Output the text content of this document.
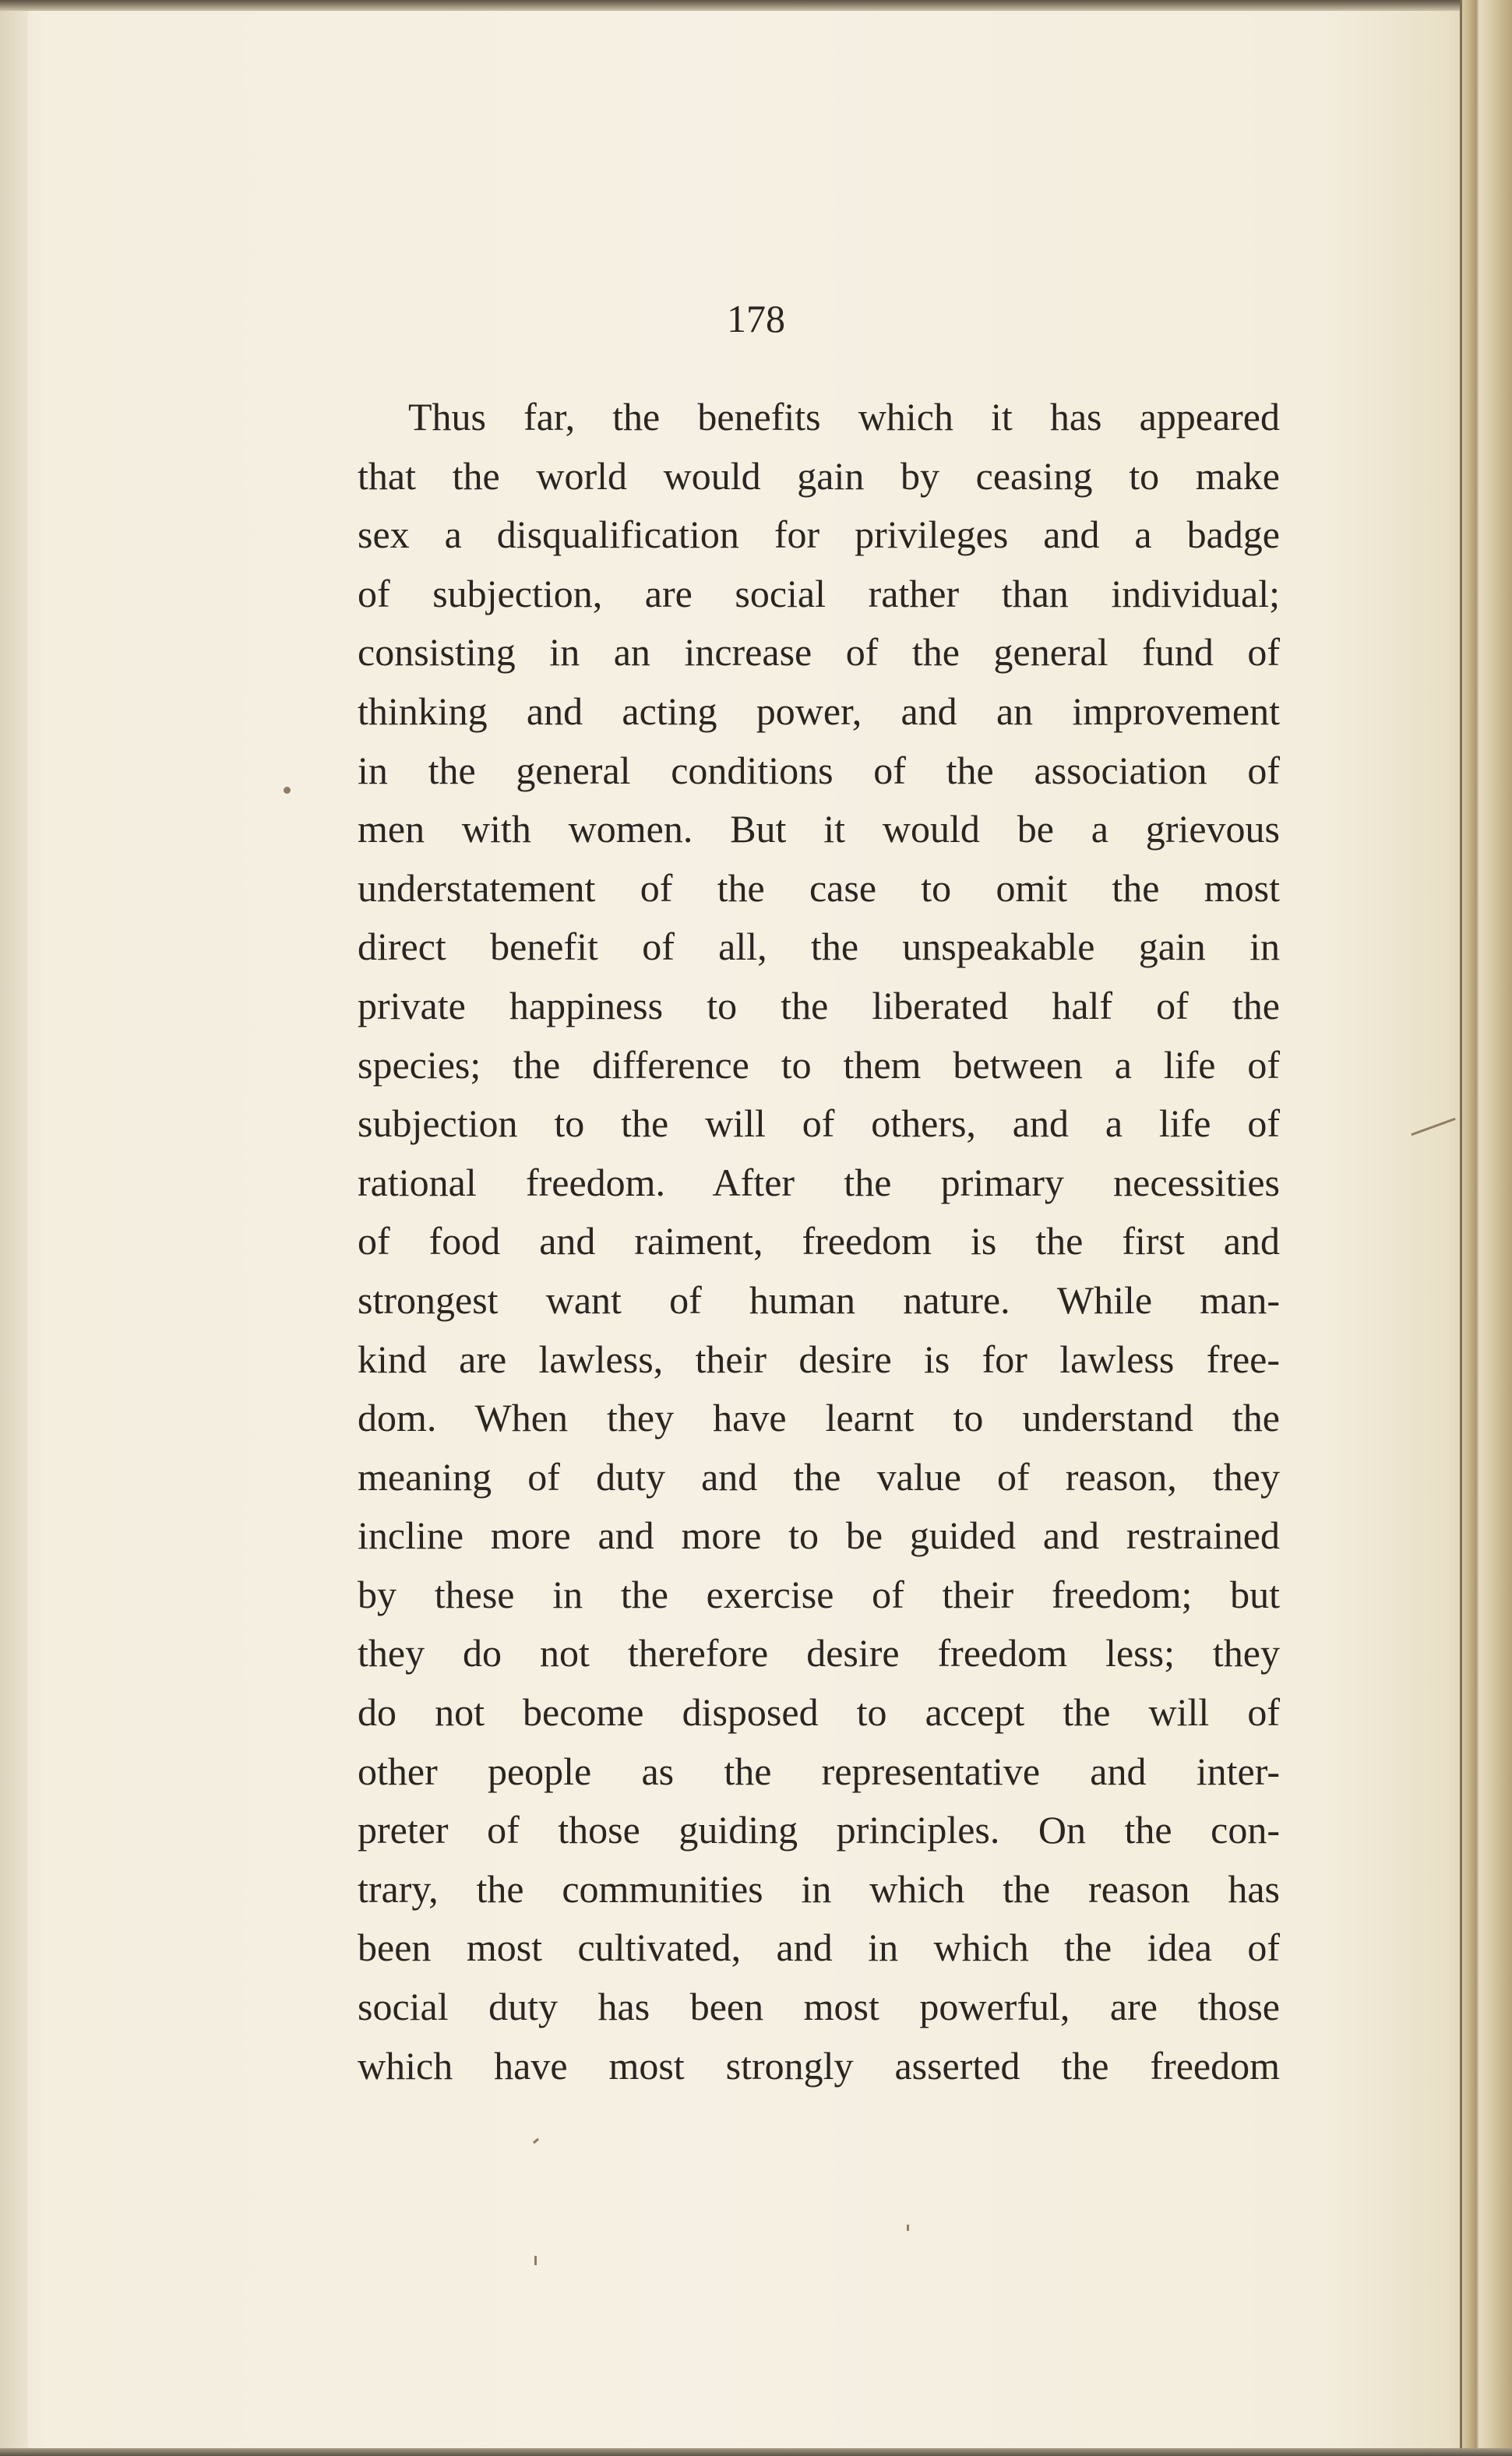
178
Thus far, the benefits which it has appeared
that the world would gain by ceasing to make
sex a disqualification for privileges and a badge
of subjection, are social rather than individual;
consisting in an increase of the general fund of
thinking and acting power, and an improvement
in the general conditions of the association of
men with women. But it would be a grievous
understatement of the case to omit the most
direct benefit of all, the unspeakable gain in
private happiness to the liberated half of the
species; the difference to them between a life of
subjection to the will of others, and a life of
rational freedom. After the primary necessities
of food and raiment, freedom is the first and
strongest want of human nature. While man-
kind are lawless, their desire is for lawless free-
dom. When they have learnt to understand the
meaning of duty and the value of reason, they
incline more and more to be guided and restrained
by these in the exercise of their freedom; but
they do not therefore desire freedom less; they
do not become disposed to accept the will of
other people as the representative and inter-
preter of those guiding principles. On the con-
trary, the communities in which the reason has
been most cultivated, and in which the idea of
social duty has been most powerful, are those
which have most strongly asserted the freedom
